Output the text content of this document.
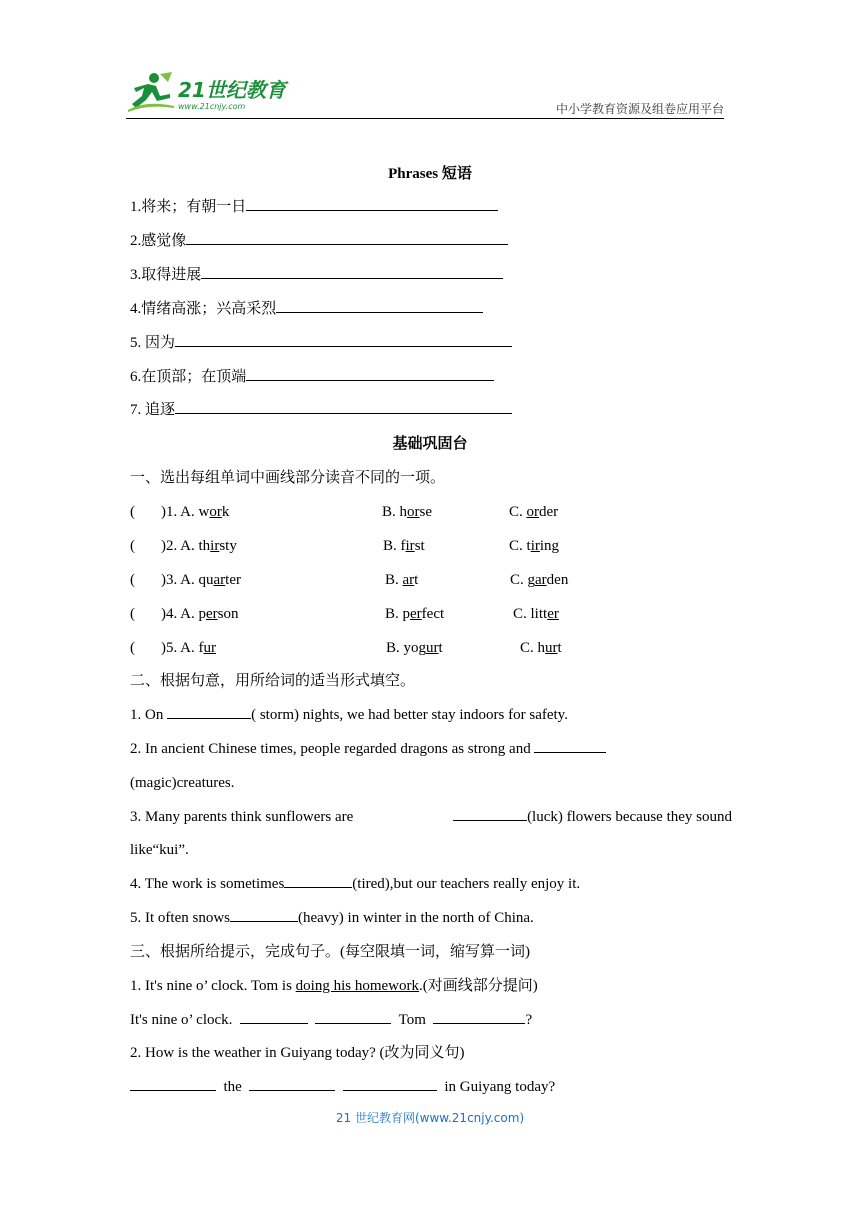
21世纪教育
www.21cnjy.com	中小学教育资源及组卷应用平台
Phrases 短语
1.将来；有朝一日
2.感觉像
3.取得进展
4.情绪高涨；兴高采烈
5. 因为
6.在顶部；在顶端
7. 追逐
基础巩固台
一、选出每组单词中画线部分读音不同的一项。
( )1. A. work	B. horse	C. order
( )2. A. thirsty	B. first	C. tiring
( )3. A. quarter	B. art	C. garden
( )4. A. person	B. perfect	C. litter
( )5. A. fur	B. yogurt	C. hurt
二、根据句意，用所给词的适当形式填空。
1. On	( storm) nights, we had better stay indoors for safety.
2. In ancient Chinese times, people regarded dragons as strong and
(magic)creatures.
3. Many parents think sunflowers are	(luck) flowers because they sound
like“kui”.
4. The work is sometimes	(tired),but our teachers really enjoy it.
5. It often snows	(heavy) in winter in the north of China.
三、根据所给提示，完成句子。(每空限填一词，缩写算一词)
1. It's nine o’ clock. Tom is doing his homework.(对画线部分提问)
It's nine o’ clock.	Tom	?
2. How is the weather in Guiyang today? (改为同义句)
the	in Guiyang today?
21 世纪教育网(www.21cnjy.com)
